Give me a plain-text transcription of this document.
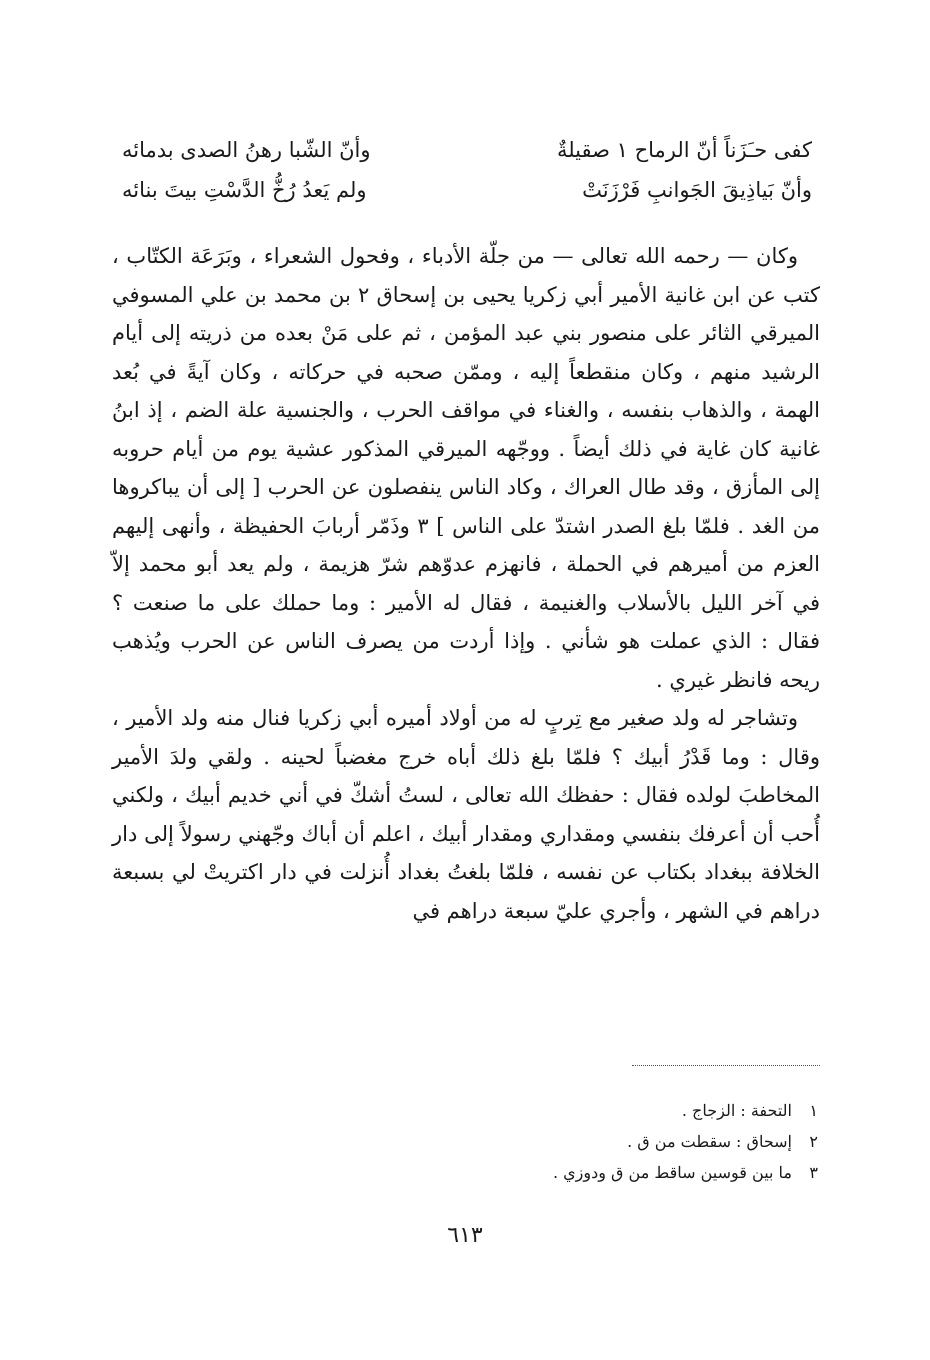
كفى حـَزَناً أنّ الرماح ١ صقيلةٌ
وأنّ الشّبا رهنُ الصدى بدمائه
وأنّ بَياذِيقَ الجَوانبِ فَرْزَنَتْ
ولم يَعدُ رُخُّ الدَّسْتِ بيتَ بنائه

وكان — رحمه الله تعالى — من جلّة الأدباء ، وفحول الشعراء ، وبَرَعَة الكتّاب ، كتب عن ابن غانية الأمير أبي زكريا يحيى بن إسحاق ٢ بن محمد بن علي المسوفي الميرقي الثائر على منصور بني عبد المؤمن ، ثم على مَنْ بعده من ذريته إلى أيام الرشيد منهم ، وكان منقطعاً إليه ، وممّن صحبه في حركاته ، وكان آيةً في بُعد الهمة ، والذهاب بنفسه ، والغناء في مواقف الحرب ، والجنسية علة الضم ، إذ ابنُ غانية كان غاية في ذلك أيضاً . ووجّهه الميرقي المذكور عشية يوم من أيام حروبه إلى المأزق ، وقد طال العراك ، وكاد الناس ينفصلون عن الحرب [ إلى أن يباكروها من الغد . فلمّا بلغ الصدر اشتدّ على الناس ] ٣ وذَمّر أربابَ الحفيظة ، وأنهى إليهم العزم من أميرهم في الحملة ، فانهزم عدوّهم شرّ هزيمة ، ولم يعد أبو محمد إلاّ في آخر الليل بالأسلاب والغنيمة ، فقال له الأمير : وما حملك على ما صنعت ؟ فقال : الذي عملت هو شأني . وإذا أردت من يصرف الناس عن الحرب ويُذهب ريحه فانظر غيري .

وتشاجر له ولد صغير مع تِربٍ له من أولاد أميره أبي زكريا فنال منه ولد الأمير ، وقال : وما قَدْرُ أبيك ؟ فلمّا بلغ ذلك أباه خرج مغضباً لحينه . ولقي ولدَ الأمير المخاطبَ لولده فقال : حفظك الله تعالى ، لستُ أشكّ في أني خديم أبيك ، ولكني أُحب أن أعرفك بنفسي ومقداري ومقدار أبيك ، اعلم أن أباك وجّهني رسولاً إلى دار الخلافة ببغداد بكتاب عن نفسه ، فلمّا بلغتُ بغداد أُنزلت في دار اكتريتْ لي بسبعة دراهم في الشهر ، وأجري عليّ سبعة دراهم في

١التحفة : الزجاج .
٢إسحاق : سقطت من ق .
٣ما بين قوسين ساقط من ق ودوزي .
٦١٣
